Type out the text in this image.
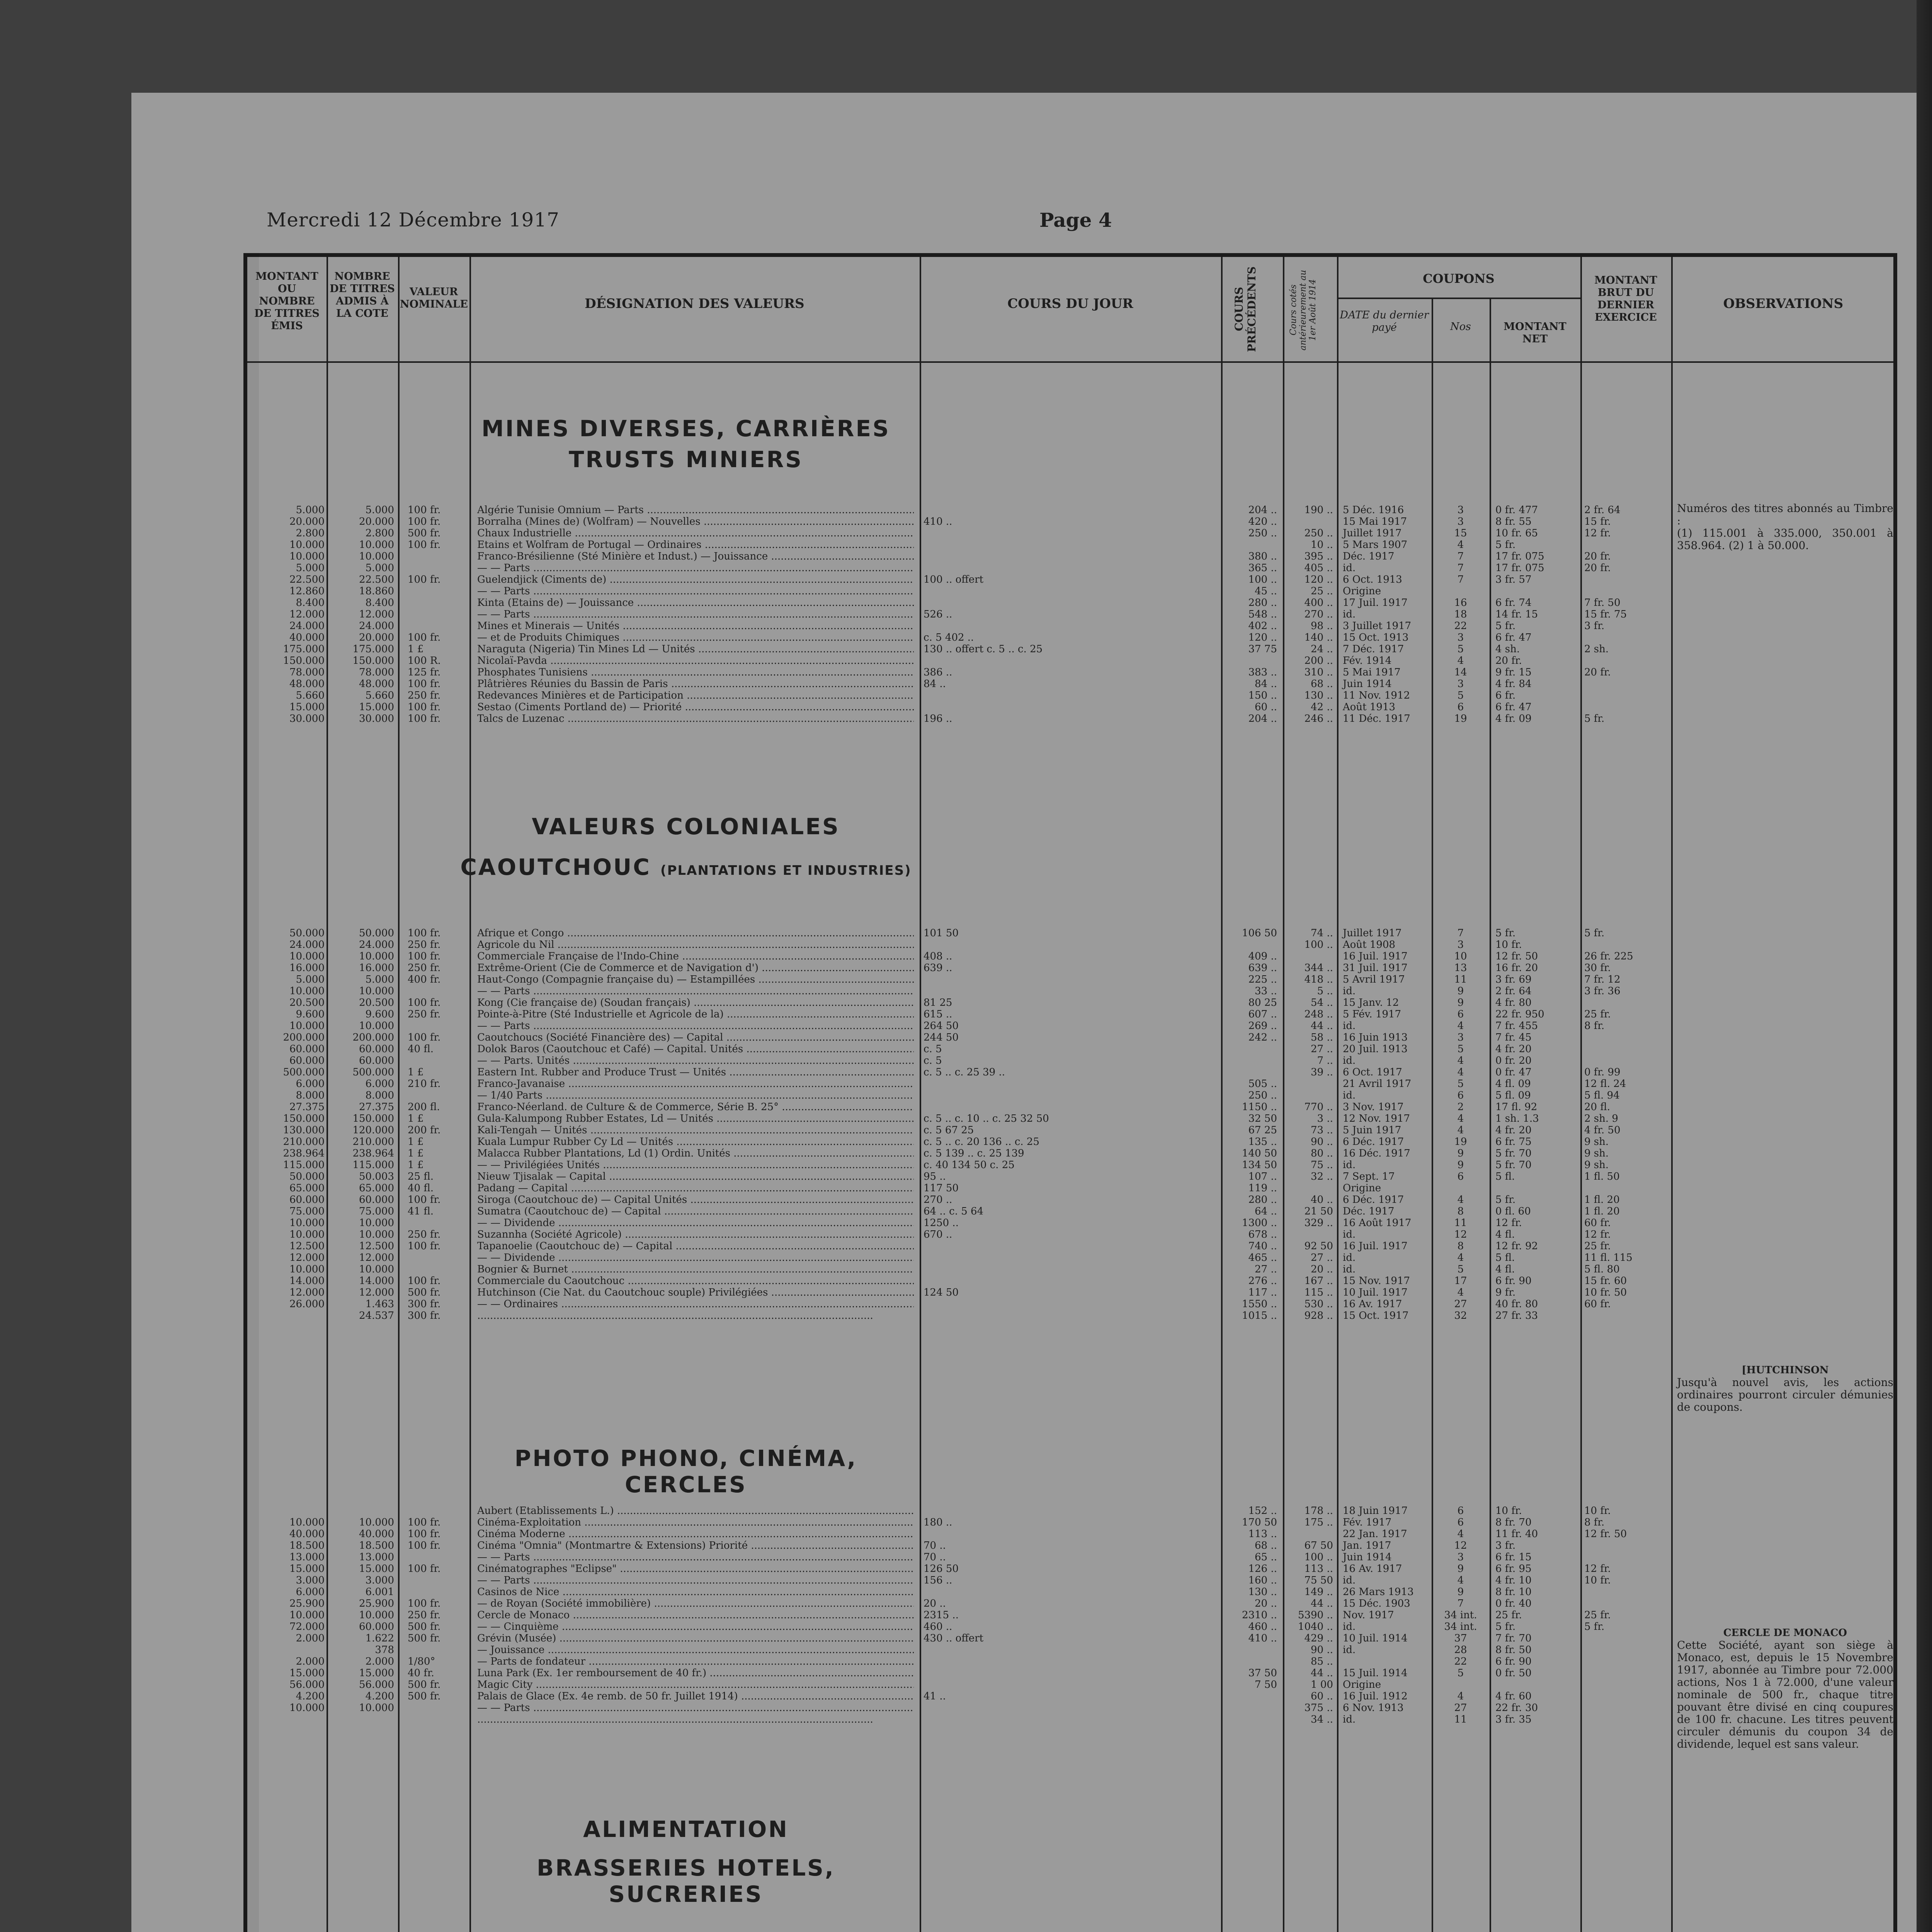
Mercredi 12 Décembre 1917	Page 4
MONTANT OU NOMBRE DE TITRES ÉMIS
NOMBRE DE TITRES ADMIS À LA COTE
VALEUR NOMINALE	DÉSIGNATION DES VALEURS	COURS DU JOUR	COURS PRÉCÉDENTS	Cours cotés antérieurement au 1er Août 1914
COUPONS
DATE du dernier payé	Nos	MONTANT NET
MONTANT BRUT DU DERNIER EXERCICE
OBSERVATIONS
MINES DIVERSES, CARRIÈRES
TRUSTS MINIERS
VALEURS COLONIALES
CAOUTCHOUC (PLANTATIONS ET INDUSTRIES)
PHOTO PHONO, CINÉMA, CERCLES
ALIMENTATION
BRASSERIES HOTELS, SUCRERIES
5.000	5.000 100 fr.	Algérie Tunisie Omnium — Parts .....	204 ..	190 .. 5 Déc. 1916	3	0 fr. 477	2 fr. 64
20.000	20.000 100 fr.	Borralha (Mines de) (Wolfram) — Nouvelles .....	410 ..	420 ..	15 Mai 1917	3	8 fr. 55	15 fr.
2.800	2.800 500 fr.	Chaux Industrielle .....	250 ..	250 .. Juillet 1917	15	10 fr. 65	12 fr.
10.000	10.000 100 fr.	Etains et Wolfram de Portugal — Ordinaires .....	10 .. 5 Mars 1907	4	5 fr.
10.000	10.000	Franco-Brésilienne (Sté Minière et Indust.) — Jouissance .....	380 ..	395 .. Déc. 1917	7	17 fr. 075	20 fr.
5.000	5.000	— — Parts .....	365 ..	405 .. id.	7	17 fr. 075	20 fr.
22.500	22.500 100 fr.	Guelendjick (Ciments de) .....	100 .. offert	100 ..	120 .. 6 Oct. 1913	7	3 fr. 57
12.860	18.860	— — Parts .....	45 ..	25 .. Origine
8.400	8.400	Kinta (Etains de) — Jouissance .....	280 ..	400 .. 17 Juil. 1917	16	6 fr. 74	7 fr. 50
12.000	12.000	— — Parts .....	526 ..	548 ..	270 .. id.	18	14 fr. 15	15 fr. 75
24.000	24.000	Mines et Minerais — Unités .....	402 ..	98 .. 3 Juillet 1917	22	5 fr.	3 fr.
40.000	20.000 100 fr.	— et de Produits Chimiques .....	c. 5 402 ..	120 ..	140 .. 15 Oct. 1913	3	6 fr. 47
175.000	175.000 1 £	Naraguta (Nigeria) Tin Mines Ld — Unités .....	130 .. offert c. 5 .. c. 25	37 75	24 .. 7 Déc. 1917	5	4 sh.	2 sh.
150.000	150.000 100 R.	Nicolaï-Pavda .....	200 .. Fév. 1914	4	20 fr.
78.000	78.000 125 fr.	Phosphates Tunisiens .....	386 ..	383 ..	310 .. 5 Mai 1917	14	9 fr. 15	20 fr.
48.000	48.000 100 fr.	Plâtrières Réunies du Bassin de Paris .....	84 ..	84 ..	68 .. Juin 1914	3	4 fr. 84
5.660	5.660 250 fr.	Redevances Minières et de Participation .....	150 ..	130 .. 11 Nov. 1912	5	6 fr.
15.000	15.000 100 fr.	Sestao (Ciments Portland de) — Priorité .....	60 ..	42 .. Août 1913	6	6 fr. 47
30.000	30.000 100 fr.	Talcs de Luzenac .....	196 ..	204 ..	246 .. 11 Déc. 1917	19	4 fr. 09	5 fr.
50.000	50.000 100 fr.	Afrique et Congo .....	101 50	106 50	74 .. Juillet 1917	7	5 fr.	5 fr.
24.000	24.000 250 fr.	Agricole du Nil .....	100 .. Août 1908	3	10 fr.
10.000	10.000 100 fr.	Commerciale Française de l'Indo-Chine .....	408 ..	409 ..	16 Juil. 1917	10	12 fr. 50	26 fr. 225
16.000	16.000 250 fr.	Extrême-Orient (Cie de Commerce et de Navigation d') .....	639 ..	639 ..	344 .. 31 Juil. 1917	13	16 fr. 20	30 fr.
5.000	5.000 400 fr.	Haut-Congo (Compagnie française du) — Estampillées .....	225 ..	418 .. 5 Avril 1917	11	3 fr. 69	7 fr. 12
10.000	10.000	— — Parts .....	33 ..	5 .. id.	9	2 fr. 64	3 fr. 36
20.500	20.500 100 fr.	Kong (Cie française de) (Soudan français) .....	81 25	80 25	54 .. 15 Janv. 12	9	4 fr. 80
9.600	9.600 250 fr.	Pointe-à-Pitre (Sté Industrielle et Agricole de la) .....	615 ..	607 ..	248 .. 5 Fév. 1917	6	22 fr. 950	25 fr.
10.000	10.000	— — Parts .....	264 50	269 ..	44 .. id.	4	7 fr. 455	8 fr.
200.000	200.000 100 fr.	Caoutchoucs (Société Financière des) — Capital .....	244 50	242 ..	58 .. 16 Juin 1913	3	7 fr. 45
60.000	60.000 40 fl.	Dolok Baros (Caoutchouc et Café) — Capital. Unités .....	c. 5	27 .. 20 Juil. 1913	5	4 fr. 20
60.000	60.000	— — Parts. Unités .....	c. 5	7 .. id.	4	0 fr. 20
500.000	500.000 1 £	Eastern Int. Rubber and Produce Trust — Unités .....	c. 5 .. c. 25 39 ..	39 .. 6 Oct. 1917	4	0 fr. 47	0 fr. 99
6.000	6.000 210 fr.	Franco-Javanaise .....	505 ..	21 Avril 1917	5	4 fl. 09	12 fl. 24
8.000	8.000	— 1/40 Parts .....	250 ..	id.	6	5 fl. 09	5 fl. 94
27.375	27.375 200 fl.	Franco-Néerland. de Culture & de Commerce, Série B. 25° .....	1150 ..	770 .. 3 Nov. 1917	2	17 fl. 92	20 fl.
150.000	150.000 1 £	Gula-Kalumpong Rubber Estates, Ld — Unités .....	c. 5 .. c. 10 .. c. 25 32 50	32 50	3 .. 12 Nov. 1917	4	1 sh. 1.3	2 sh. 9
130.000	120.000 200 fr.	Kali-Tengah — Unités .....	c. 5 67 25	67 25	73 .. 5 Juin 1917	4	4 fr. 20	4 fr. 50
210.000	210.000 1 £	Kuala Lumpur Rubber Cy Ld — Unités .....	c. 5 .. c. 20 136 .. c. 25	135 ..	90 .. 6 Déc. 1917	19	6 fr. 75	9 sh.
238.964	238.964 1 £	Malacca Rubber Plantations, Ld (1) Ordin. Unités .....	c. 5 139 .. c. 25 139	140 50	80 .. 16 Déc. 1917	9	5 fr. 70	9 sh.
115.000	115.000 1 £	— — Privilégiées Unités .....	c. 40 134 50 c. 25	134 50	75 .. id.	9	5 fr. 70	9 sh.
50.000	50.003 25 fl.	Nieuw Tjisalak — Capital .....	95 ..	107 ..	32 .. 7 Sept. 17	6	5 fl.	1 fl. 50
65.000	65.000 40 fl.	Padang — Capital .....	117 50	119 ..	Origine
60.000	60.000 100 fr.	Siroga (Caoutchouc de) — Capital Unités .....	270 ..	280 ..	40 .. 6 Déc. 1917	4	5 fr.	1 fl. 20
75.000	75.000 41 fl.	Sumatra (Caoutchouc de) — Capital .....	64 .. c. 5 64	64 ..	21 50 Déc. 1917	8	0 fl. 60	1 fl. 20
10.000	10.000	— — Dividende .....	1250 ..	1300 ..	329 .. 16 Août 1917	11	12 fr.	60 fr.
10.000	10.000 250 fr.	Suzannha (Société Agricole) .....	670 ..	678 ..	id.	12	4 fl.	12 fr.
12.500	12.500 100 fr.	Tapanoelie (Caoutchouc de) — Capital .....	740 ..	92 50 16 Juil. 1917	8	12 fr. 92	25 fr.
12.000	12.000	— — Dividende .....	465 ..	27 .. id.	4	5 fl.	11 fl. 115
10.000	10.000	Bognier & Burnet .....	27 ..	20 .. id.	5	4 fl.	5 fl. 80
14.000	14.000 100 fr.	Commerciale du Caoutchouc .....	276 ..	167 .. 15 Nov. 1917	17	6 fr. 90	15 fr. 60
12.000	12.000 500 fr.	Hutchinson (Cie Nat. du Caoutchouc souple) Privilégiées .....	124 50	117 ..	115 .. 10 Juil. 1917	4	9 fr.	10 fr. 50
26.000	1.463 300 fr.	— — Ordinaires .....	1550 ..	530 .. 16 Av. 1917	27	40 fr. 80	60 fr.
24.537 300 fr.
.....	1015 ..	928 .. 15 Oct. 1917	32	27 fr. 33
Aubert (Etablissements L.) .....	152 ..	178 .. 18 Juin 1917	6	10 fr.	10 fr.
10.000	10.000 100 fr.	Cinéma-Exploitation .....	180 ..	170 50	175 .. Fév. 1917	6	8 fr. 70	8 fr.
40.000	40.000 100 fr.	Cinéma Moderne .....	113 ..	22 Jan. 1917	4	11 fr. 40	12 fr. 50
18.500	18.500 100 fr.	Cinéma "Omnia" (Montmartre & Extensions) Priorité .....	70 ..	68 ..	67 50 Jan. 1917	12	3 fr.
13.000	13.000	— — Parts .....	70 ..	65 ..	100 .. Juin 1914	3	6 fr. 15
15.000	15.000 100 fr.	Cinématographes "Eclipse" .....	126 50	126 ..	113 .. 16 Av. 1917	9	6 fr. 95	12 fr.
3.000	3.000	— — Parts .....	156 ..	160 ..	75 50 id.	4	4 fr. 10	10 fr.
6.000	6.001	Casinos de Nice .....	130 ..	149 .. 26 Mars 1913	9	8 fr. 10
25.900	25.900 100 fr.	— de Royan (Société immobilière) .....	20 ..	20 ..	44 .. 15 Déc. 1903	7	0 fr. 40
10.000	10.000 250 fr.	Cercle de Monaco .....	2315 ..	2310 ..	5390 .. Nov. 1917	34 int.	25 fr.	25 fr.
72.000	60.000 500 fr.	— — Cinquième .....	460 ..	460 ..	1040 .. id.	34 int.	5 fr.	5 fr.
2.000	1.622 500 fr.	Grévin (Musée) .....	430 .. offert	410 ..	429 .. 10 Juil. 1914	37	7 fr. 70
378	— Jouissance .....	90 .. id.	28	8 fr. 50
2.000	2.000 1/80°	— Parts de fondateur .....	85 ..	22	6 fr. 90
15.000	15.000 40 fr.	Luna Park (Ex. 1er remboursement de 40 fr.) .....	37 50	44 .. 15 Juil. 1914	5	0 fr. 50
56.000	56.000 500 fr.	Magic City .....	7 50	1 00 Origine
4.200	4.200 500 fr.	Palais de Glace (Ex. 4e remb. de 50 fr. Juillet 1914) .....	41 ..	60 .. 16 Juil. 1912	4	4 fr. 60
10.000	10.000	— — Parts .....	375 .. 6 Nov. 1913	27	22 fr. 30
.....
34 .. id.	11	3 fr. 35
Numéros des titres abonnés au Timbre :
(1) 115.001 à 335.000, 350.001 à 358.964. (2) 1 à 50.000.
[HUTCHINSON
Jusqu'à nouvel avis, les actions ordinaires pourront circuler démunies de coupons.
CERCLE DE MONACO
Cette Société, ayant son siège à Monaco, est, depuis le 15 Novembre 1917, abonnée au Timbre pour 72.000 actions, Nos 1 à 72.000, d'une valeur nominale de 500 fr., chaque titre pouvant être divisé en cinq coupures de 100 fr. chacune. Les titres peuvent circuler démunis du coupon 34 de dividende, lequel est sans valeur.
